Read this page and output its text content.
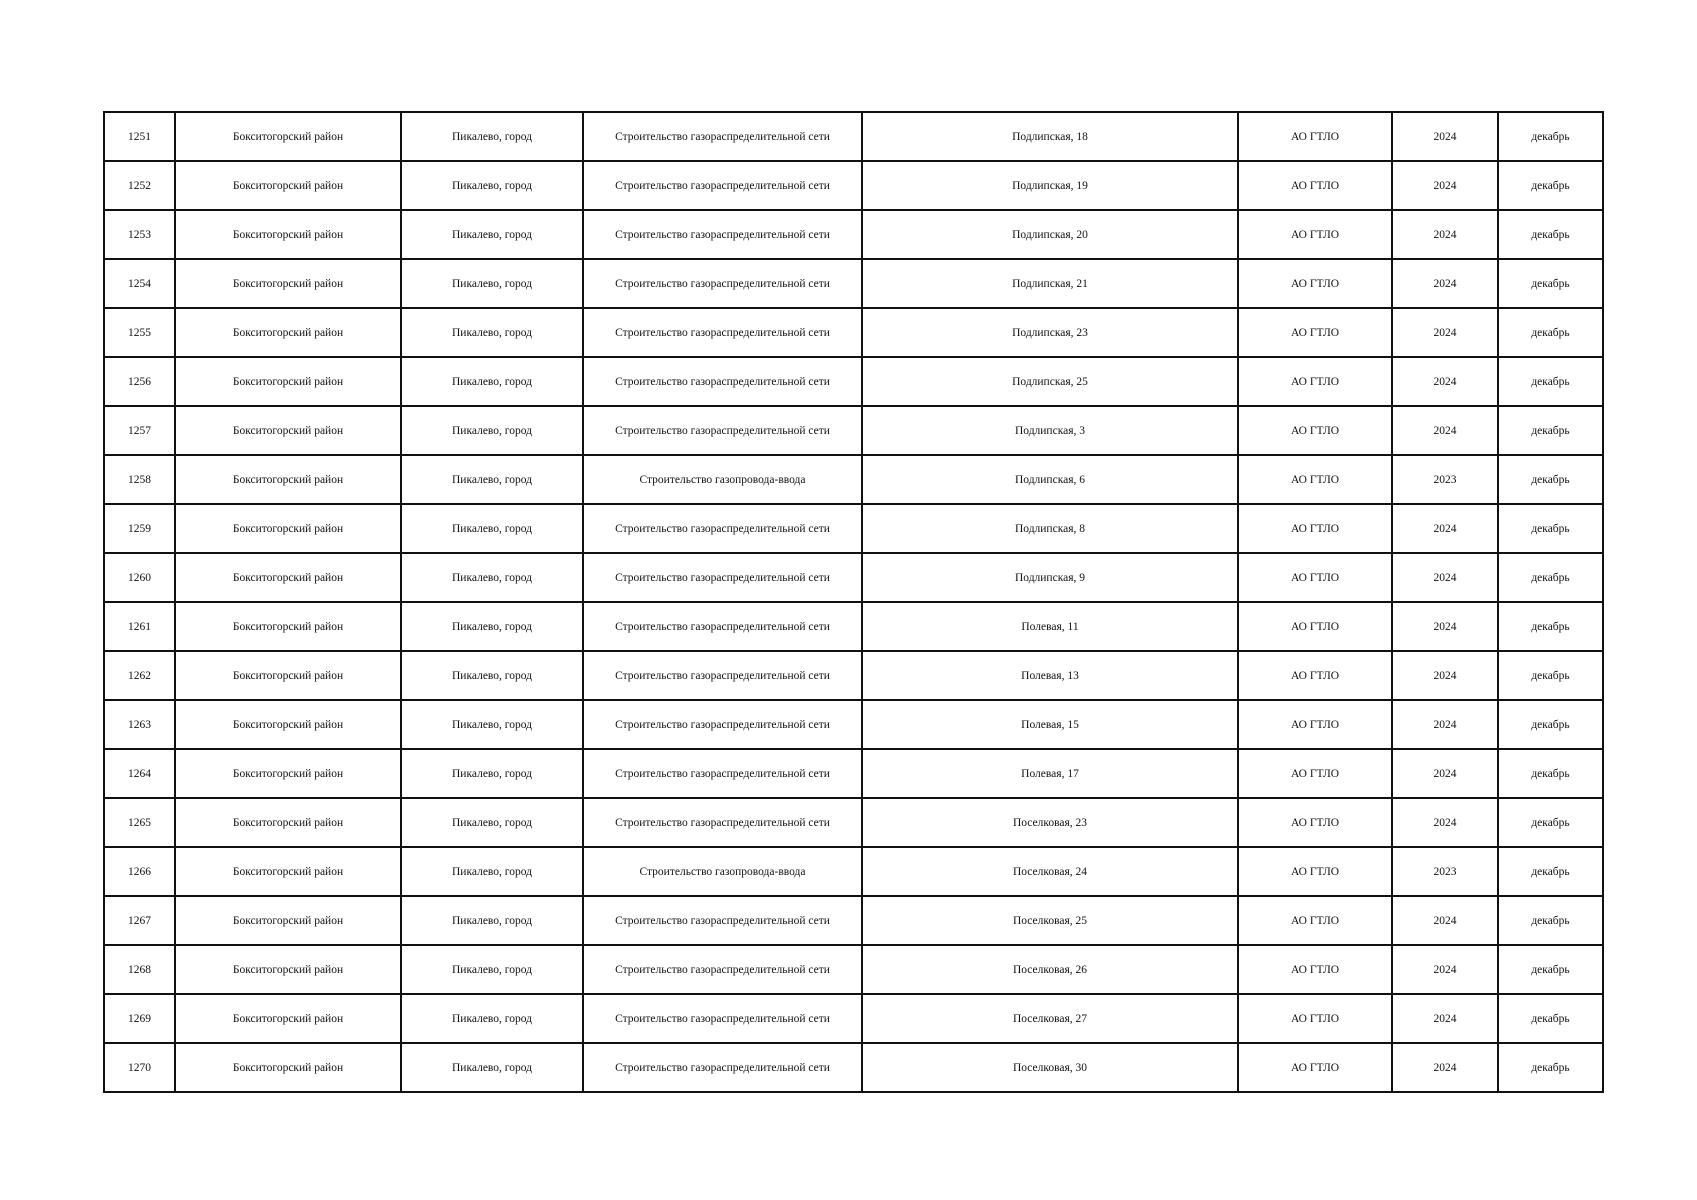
1251	Бокситогорский район	Пикалево, город	Строительство газораспределительной сети	Подлипская, 18	АО ГТЛО	2024	декабрь
1252	Бокситогорский район	Пикалево, город	Строительство газораспределительной сети	Подлипская, 19	АО ГТЛО	2024	декабрь
1253	Бокситогорский район	Пикалево, город	Строительство газораспределительной сети	Подлипская, 20	АО ГТЛО	2024	декабрь
1254	Бокситогорский район	Пикалево, город	Строительство газораспределительной сети	Подлипская, 21	АО ГТЛО	2024	декабрь
1255	Бокситогорский район	Пикалево, город	Строительство газораспределительной сети	Подлипская, 23	АО ГТЛО	2024	декабрь
1256	Бокситогорский район	Пикалево, город	Строительство газораспределительной сети	Подлипская, 25	АО ГТЛО	2024	декабрь
1257	Бокситогорский район	Пикалево, город	Строительство газораспределительной сети	Подлипская, 3	АО ГТЛО	2024	декабрь
1258	Бокситогорский район	Пикалево, город	Строительство газопровода-ввода	Подлипская, 6	АО ГТЛО	2023	декабрь
1259	Бокситогорский район	Пикалево, город	Строительство газораспределительной сети	Подлипская, 8	АО ГТЛО	2024	декабрь
1260	Бокситогорский район	Пикалево, город	Строительство газораспределительной сети	Подлипская, 9	АО ГТЛО	2024	декабрь
1261	Бокситогорский район	Пикалево, город	Строительство газораспределительной сети	Полевая, 11	АО ГТЛО	2024	декабрь
1262	Бокситогорский район	Пикалево, город	Строительство газораспределительной сети	Полевая, 13	АО ГТЛО	2024	декабрь
1263	Бокситогорский район	Пикалево, город	Строительство газораспределительной сети	Полевая, 15	АО ГТЛО	2024	декабрь
1264	Бокситогорский район	Пикалево, город	Строительство газораспределительной сети	Полевая, 17	АО ГТЛО	2024	декабрь
1265	Бокситогорский район	Пикалево, город	Строительство газораспределительной сети	Поселковая, 23	АО ГТЛО	2024	декабрь
1266	Бокситогорский район	Пикалево, город	Строительство газопровода-ввода	Поселковая, 24	АО ГТЛО	2023	декабрь
1267	Бокситогорский район	Пикалево, город	Строительство газораспределительной сети	Поселковая, 25	АО ГТЛО	2024	декабрь
1268	Бокситогорский район	Пикалево, город	Строительство газораспределительной сети	Поселковая, 26	АО ГТЛО	2024	декабрь
1269	Бокситогорский район	Пикалево, город	Строительство газораспределительной сети	Поселковая, 27	АО ГТЛО	2024	декабрь
1270	Бокситогорский район	Пикалево, город	Строительство газораспределительной сети	Поселковая, 30	АО ГТЛО	2024	декабрь
